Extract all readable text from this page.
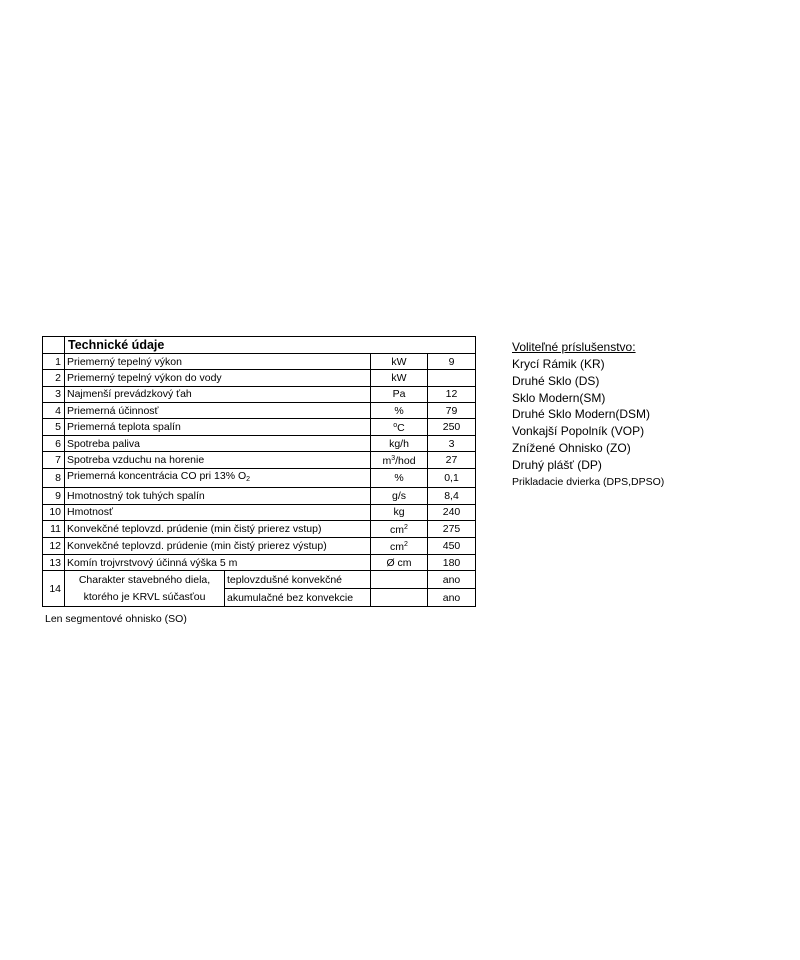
	Technické údaje			
1	Priemerný tepelný výkon		kW	9
2	Priemerný tepelný výkon do vody		kW	
3	Najmenší prevádzkový ťah		Pa	12
4	Priemerná účinnosť		%	79
5	Priemerná teplota spalín		$^o$C	250
6	Spotreba paliva		kg/h	3
7	Spotreba vzduchu na horenie		$m^3$/hod	27
8	Priemerná koncentrácia CO pri 13% O2		%	0,1
9	Hmotnostný tok tuhých spalín		g/s	8,4
10	Hmotnosť		kg	240
11	Konvekčné teplovzd. prúdenie (min čistý prierez vstup)		$cm^2$	275
12	Konvekčné teplovzd. prúdenie (min čistý prierez výstup)		$cm^2$	450
13	Komín trojvrstvový účinná výška 5 m		Ø cm	180
14	Charakter stavebného diela,
ktorého je KRVL súčasťou	teplovzdušné konvekčné		ano
		akumulačné bez konvekcie		ano
Len segmentové ohnisko (SO)
Voliteľné príslušenstvo:
Krycí Rámik (KR)
Druhé Sklo (DS)
Sklo Modern(SM)
Druhé Sklo Modern(DSM)
Vonkajší Popolník (VOP)
Znížené Ohnisko (ZO)
Druhý plášť (DP)
Prikladacie dvierka (DPS,DPSO)
